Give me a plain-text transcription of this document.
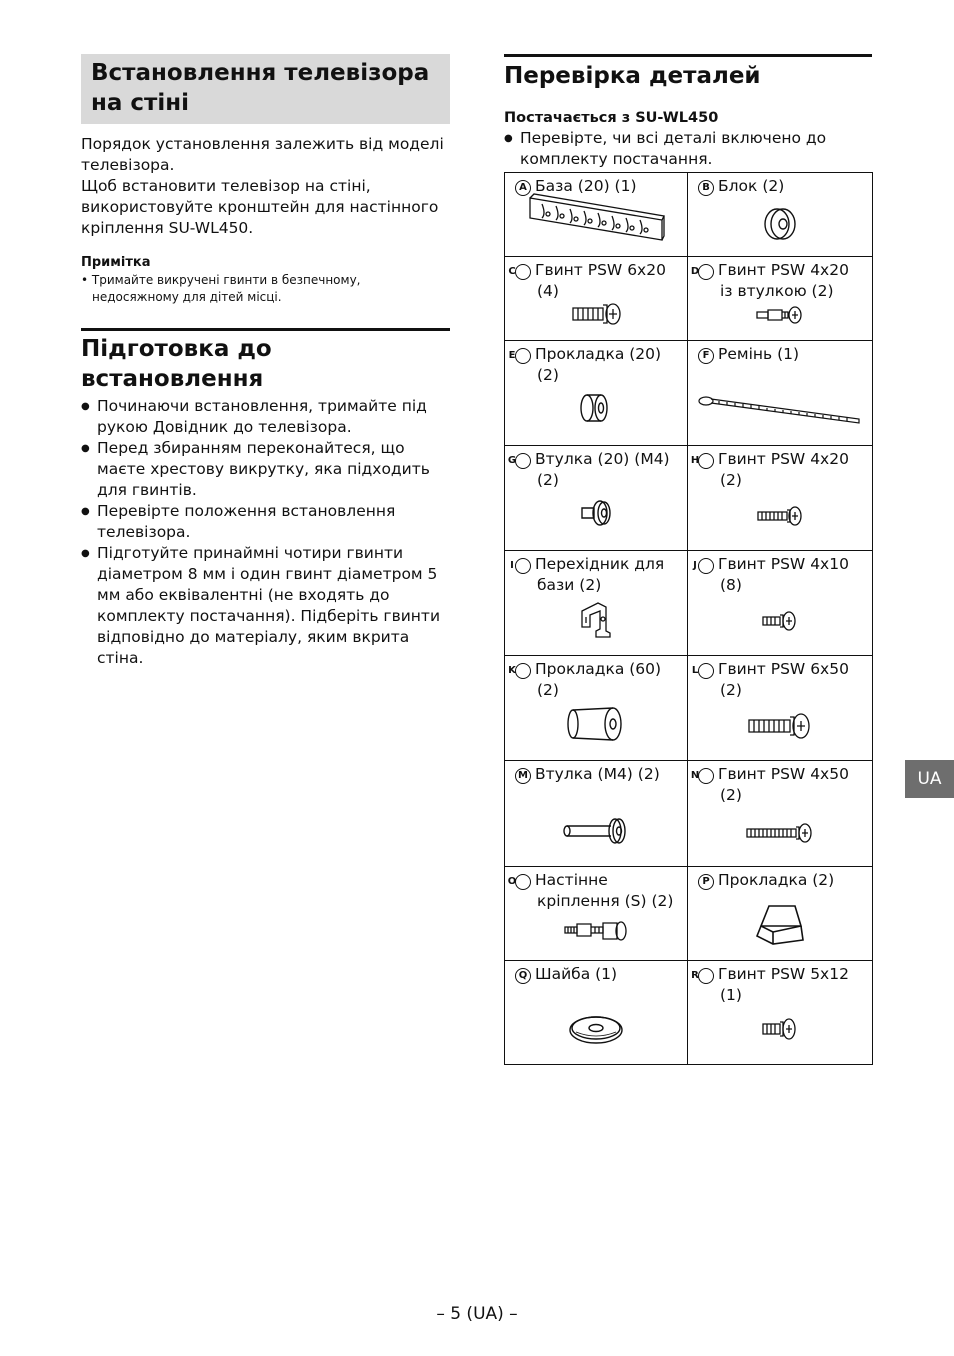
Встановлення телевізора на стіні
Порядок установлення залежить від моделі телевізора.
Щоб встановити телевізор на стіні, використовуйте кронштейн для настінного кріплення SU-WL450.
Примітка
• Тримайте викручені гвинти в безпечному, недосяжному для дітей місці.
Підготовка до встановлення
● Починаючи встановлення, тримайте під рукою Довідник до телевізора.
● Перед збиранням переконайтеся, що маєте хрестову викрутку, яка підходить для гвинтів.
● Перевірте положення встановлення телевізора.
● Підготуйте принаймні чотири гвинти діаметром 8 мм і один гвинт діаметром 5 мм або еквівалентні (не входять до комплекту постачання). Підберіть гвинти відповідно до матеріалу, яким вкрита стіна.
Перевірка деталей
Постачається з SU-WL450
● Перевірте, чи всі деталі включено до комплекту постачання.
A База (20) (1)	B Блок (2)

C Гвинт PSW 6x20 (4)	D Гвинт PSW 4x20 із втулкою (2)

E Прокладка (20) (2)	F Ремінь (1)

G Втулка (20) (M4) (2)	H Гвинт PSW 4x20 (2)

I Перехідник для бази (2)	J Гвинт PSW 4x10 (8)

K Прокладка (60) (2)	L Гвинт PSW 6x50 (2)

M Втулка (M4) (2)	N Гвинт PSW 4x50 (2)

O Настінне кріплення (S) (2)	P Прокладка (2)

Q Шайба (1)	R Гвинт PSW 5x12 (1)
UA
– 5 (UA) –
